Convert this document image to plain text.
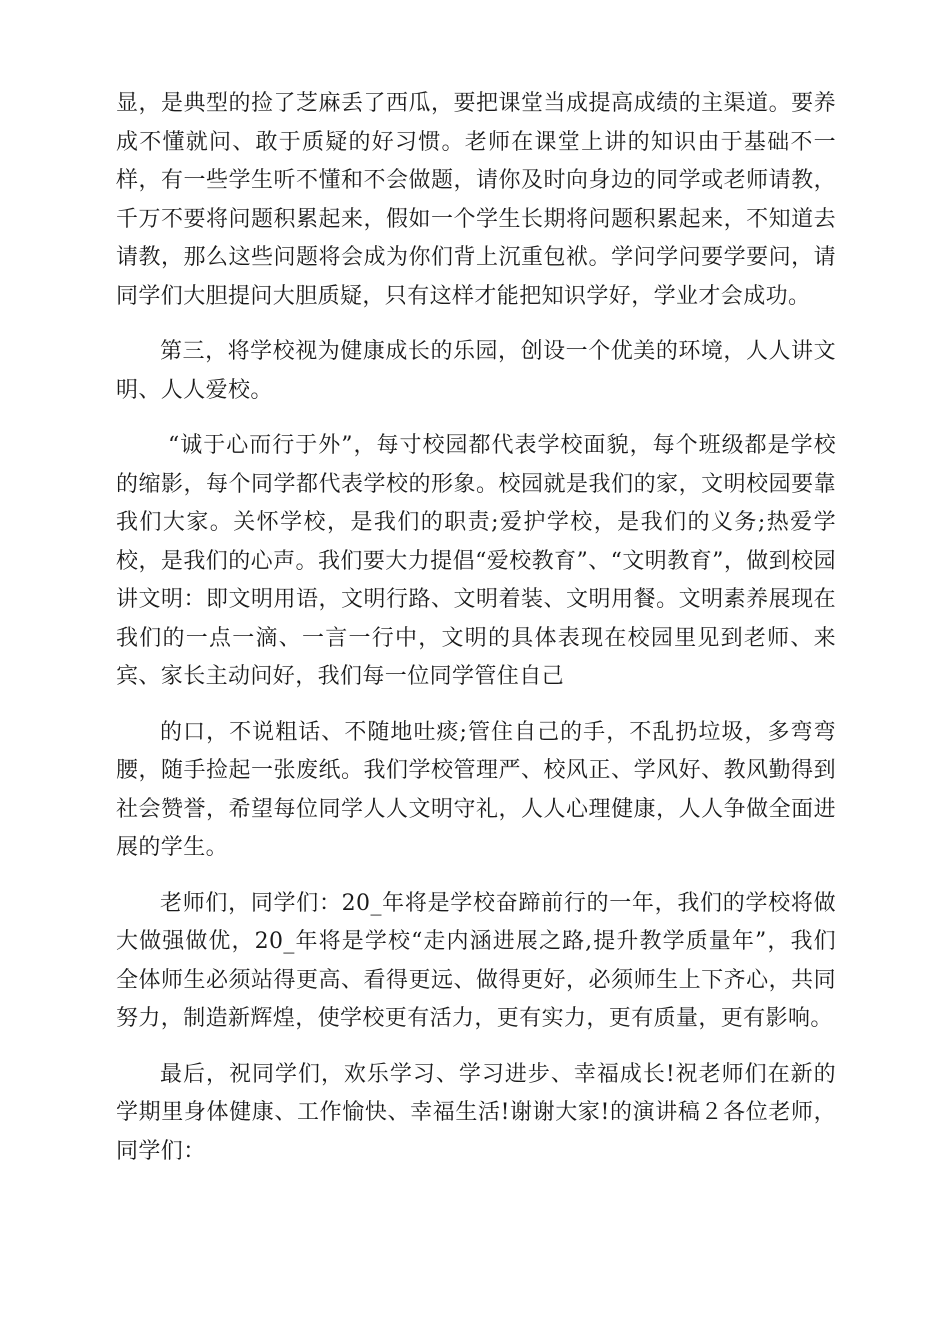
显，是典型的捡了芝麻丢了西瓜，要把课堂当成提高成绩的主渠道。要养成不懂就问、敢于质疑的好习惯。老师在课堂上讲的知识由于基础不一样，有一些学生听不懂和不会做题，请你及时向身边的同学或老师请教，千万不要将问题积累起来，假如一个学生长期将问题积累起来，不知道去请教，那么这些问题将会成为你们背上沉重包袱。学问学问要学要问，请同学们大胆提问大胆质疑，只有这样才能把知识学好，学业才会成功。

第三，将学校视为健康成长的乐园，创设一个优美的环境，人人讲文明、人人爱校。

“诚于心而行于外”，每寸校园都代表学校面貌，每个班级都是学校的缩影，每个同学都代表学校的形象。校园就是我们的家，文明校园要靠我们大家。关怀学校，是我们的职责;爱护学校，是我们的义务;热爱学校，是我们的心声。我们要大力提倡“爱校教育”、“文明教育”，做到校园讲文明：即文明用语，文明行路、文明着装、文明用餐。文明素养展现在我们的一点一滴、一言一行中，文明的具体表现在校园里见到老师、来宾、家长主动问好，我们每一位同学管住自己

的口，不说粗话、不随地吐痰;管住自己的手，不乱扔垃圾，多弯弯腰，随手捡起一张废纸。我们学校管理严、校风正、学风好、教风勤得到社会赞誉，希望每位同学人人文明守礼，人人心理健康，人人争做全面进展的学生。

老师们，同学们：20_年将是学校奋蹄前行的一年，我们的学校将做大做强做优，20_年将是学校“走内涵进展之路,提升教学质量年”，我们全体师生必须站得更高、看得更远、做得更好，必须师生上下齐心，共同努力，制造新辉煌，使学校更有活力，更有实力，更有质量，更有影响。

最后，祝同学们，欢乐学习、学习进步、幸福成长!祝老师们在新的学期里身体健康、工作愉快、幸福生活!谢谢大家!的演讲稿２各位老师，同学们：
